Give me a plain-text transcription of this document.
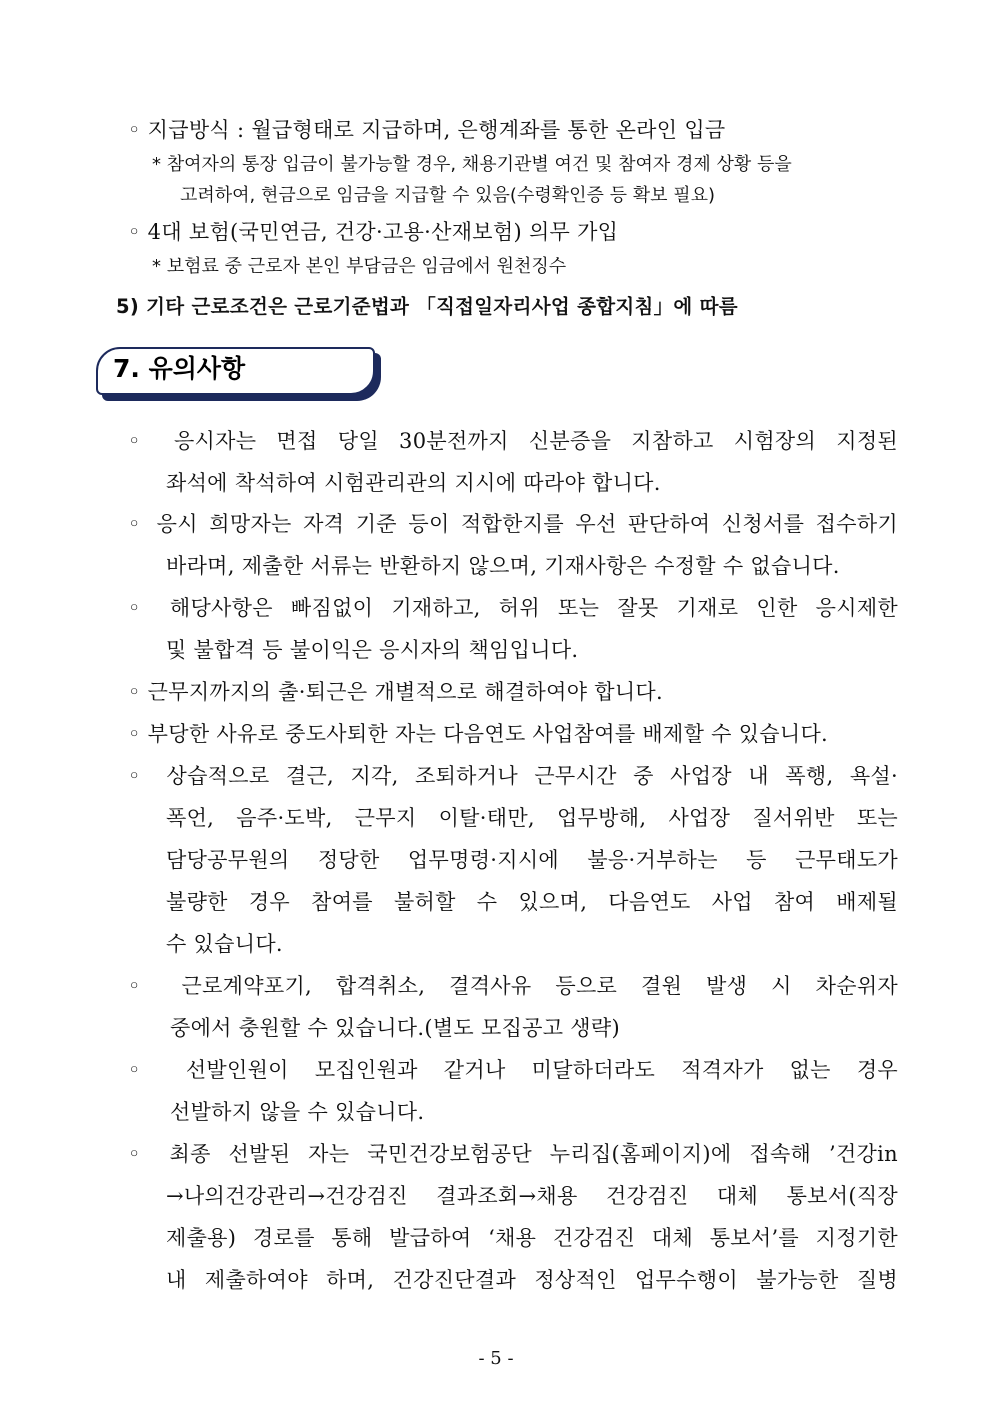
◦ 지급방식 : 월급형태로 지급하며, 은행계좌를 통한 온라인 입금
* 참여자의 통장 입금이 불가능할 경우, 채용기관별 여건 및 참여자 경제 상황 등을
고려하여, 현금으로 임금을 지급할 수 있음(수령확인증 등 확보 필요)
◦ 4대 보험(국민연금, 건강·고용·산재보험) 의무 가입
* 보험료 중 근로자 본인 부담금은 임금에서 원천징수
5) 기타 근로조건은 근로기준법과 「직접일자리사업 종합지침」에 따름
7. 유의사항
◦ 응시자는 면접 당일 30분전까지 신분증을 지참하고 시험장의 지정된
좌석에 착석하여 시험관리관의 지시에 따라야 합니다.
◦ 응시 희망자는 자격 기준 등이 적합한지를 우선 판단하여 신청서를 접수하기
바라며, 제출한 서류는 반환하지 않으며, 기재사항은 수정할 수 없습니다.
◦ 해당사항은 빠짐없이 기재하고, 허위 또는 잘못 기재로 인한 응시제한
및 불합격 등 불이익은 응시자의 책임입니다.
◦ 근무지까지의 출·퇴근은 개별적으로 해결하여야 합니다.
◦ 부당한 사유로 중도사퇴한 자는 다음연도 사업참여를 배제할 수 있습니다.
◦ 상습적으로 결근, 지각, 조퇴하거나 근무시간 중 사업장 내 폭행, 욕설·
폭언, 음주·도박, 근무지 이탈·태만, 업무방해, 사업장 질서위반 또는
담당공무원의 정당한 업무명령·지시에 불응·거부하는 등 근무태도가
불량한 경우 참여를 불허할 수 있으며, 다음연도 사업 참여 배제될
수 있습니다.
◦ 근로계약포기, 합격취소, 결격사유 등으로 결원 발생 시 차순위자
중에서 충원할 수 있습니다.(별도 모집공고 생략)
◦ 선발인원이 모집인원과 같거나 미달하더라도 적격자가 없는 경우
선발하지 않을 수 있습니다.
◦ 최종 선발된 자는 국민건강보험공단 누리집(홈페이지)에 접속해 ’건강in
→나의건강관리→건강검진 결과조회→채용 건강검진 대체 통보서(직장
제출용) 경로를 통해 발급하여 ‘채용 건강검진 대체 통보서’를 지정기한
내 제출하여야 하며, 건강진단결과 정상적인 업무수행이 불가능한 질병
- 5 -
